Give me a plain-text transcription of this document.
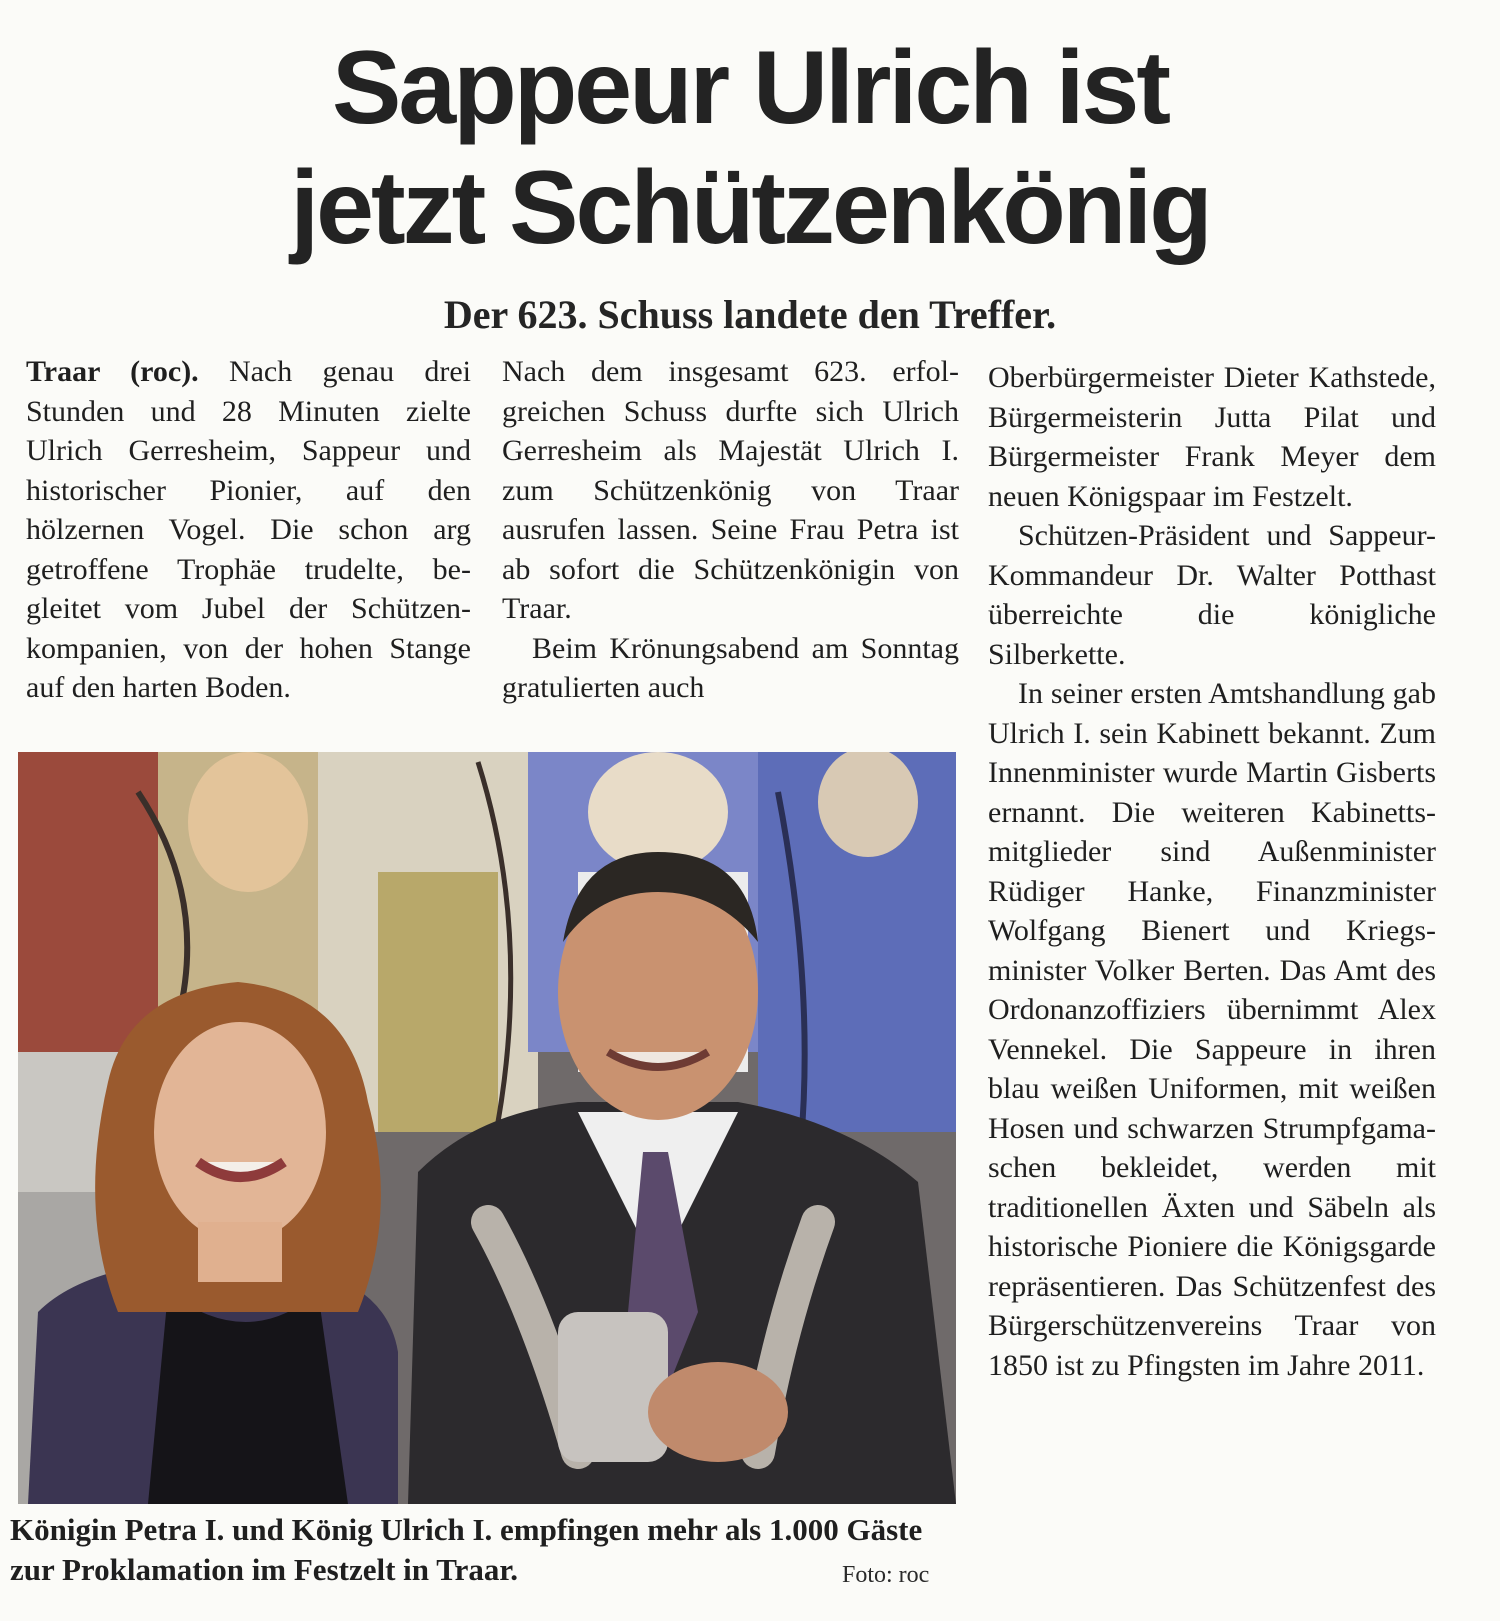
Sappeur Ulrich ist
jetzt Schützenkönig
Der 623. Schuss landete den Treffer.

Traar (roc). Nach genau drei Stunden und 28 Minuten zielte Ulrich Gerresheim, Sappeur und historischer Pionier, auf den hölzernen Vogel. Die schon arg getroffene Trophäe trudelte, begleitet vom Jubel der Schützenkompanien, von der hohen Stange auf den harten Boden.

Nach dem insgesamt 623. erfolgreichen Schuss durfte sich Ulrich Gerresheim als Majestät Ulrich I. zum Schützenkönig von Traar ausrufen lassen. Seine Frau Petra ist ab sofort die Schützenkönigin von Traar.

Beim Krönungsabend am Sonntag gratulierten auch

Oberbürgermeister Dieter Kathstede, Bürgermeisterin Jutta Pilat und Bürgermeister Frank Meyer dem neuen Königspaar im Festzelt.

Schützen-Präsident und Sappeur-Kommandeur Dr. Walter Potthast überreichte die königliche Silberkette.

In seiner ersten Amtshandlung gab Ulrich I. sein Kabinett bekannt. Zum Innenminister wurde Martin Gisberts ernannt. Die weiteren Kabinettsmitglieder sind Außenminister Rüdiger Hanke, Finanzminister Wolfgang Bienert und Kriegsminister Volker Berten. Das Amt des Ordonanzoffiziers übernimmt Alex Vennekel. Die Sappeure in ihren blau weißen Uniformen, mit weißen Hosen und schwarzen Strumpfgamaschen bekleidet, werden mit traditionellen Äxten und Säbeln als historische Pioniere die Königsgarde repräsentieren. Das Schützenfest des Bürgerschützenvereins Traar von 1850 ist zu Pfingsten im Jahre 2011.

Königin Petra I. und König Ulrich I. empfingen mehr als 1.000 Gäste zur Proklamation im Festzelt in Traar.	Foto: roc
